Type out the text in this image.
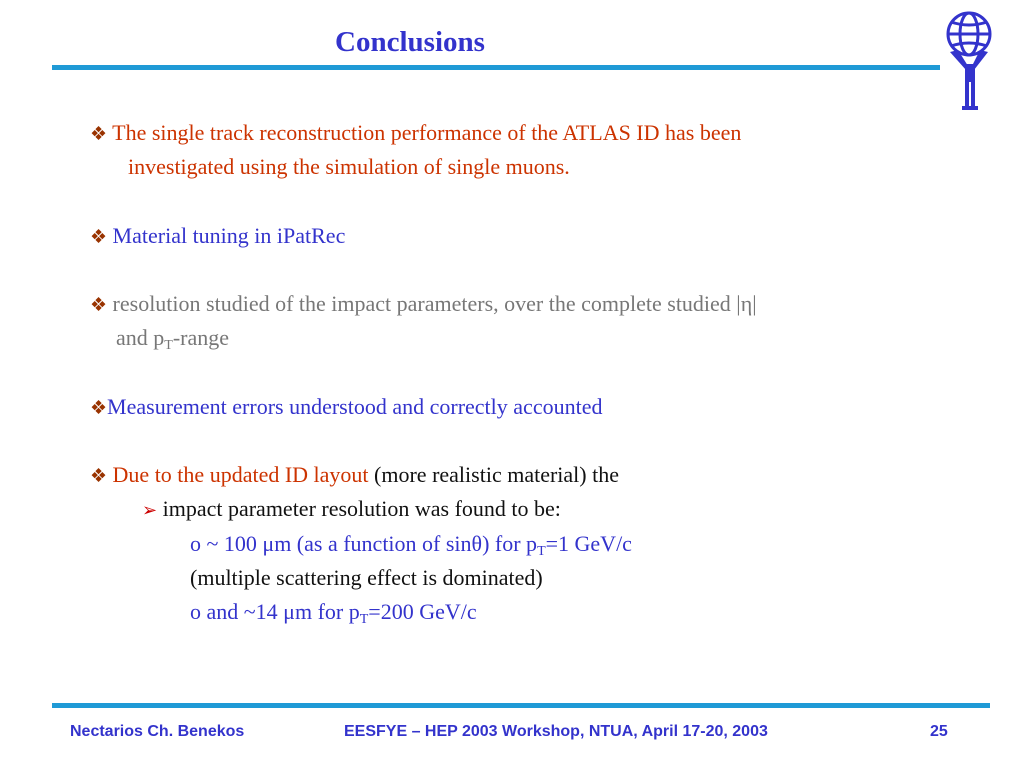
Conclusions
❖ The single track reconstruction performance of the ATLAS ID has been
investigated using the simulation of single muons.
❖ Material tuning in iPatRec
❖ resolution studied of the impact parameters, over the complete studied |η|
and $p_T$-range
❖Measurement errors understood and correctly accounted
❖ Due to the updated ID layout (more realistic material) the
➢ impact parameter resolution was found to be:
o ~ 100 μm (as a function of sinθ) for $p_T=1$ GeV/c
(multiple scattering effect is dominated)
o and ~14 μm for $p_T=200$ GeV/c
Nectarios Ch. Benekos	EESFYE – HEP 2003 Workshop, NTUA, April 17-20, 2003	25
